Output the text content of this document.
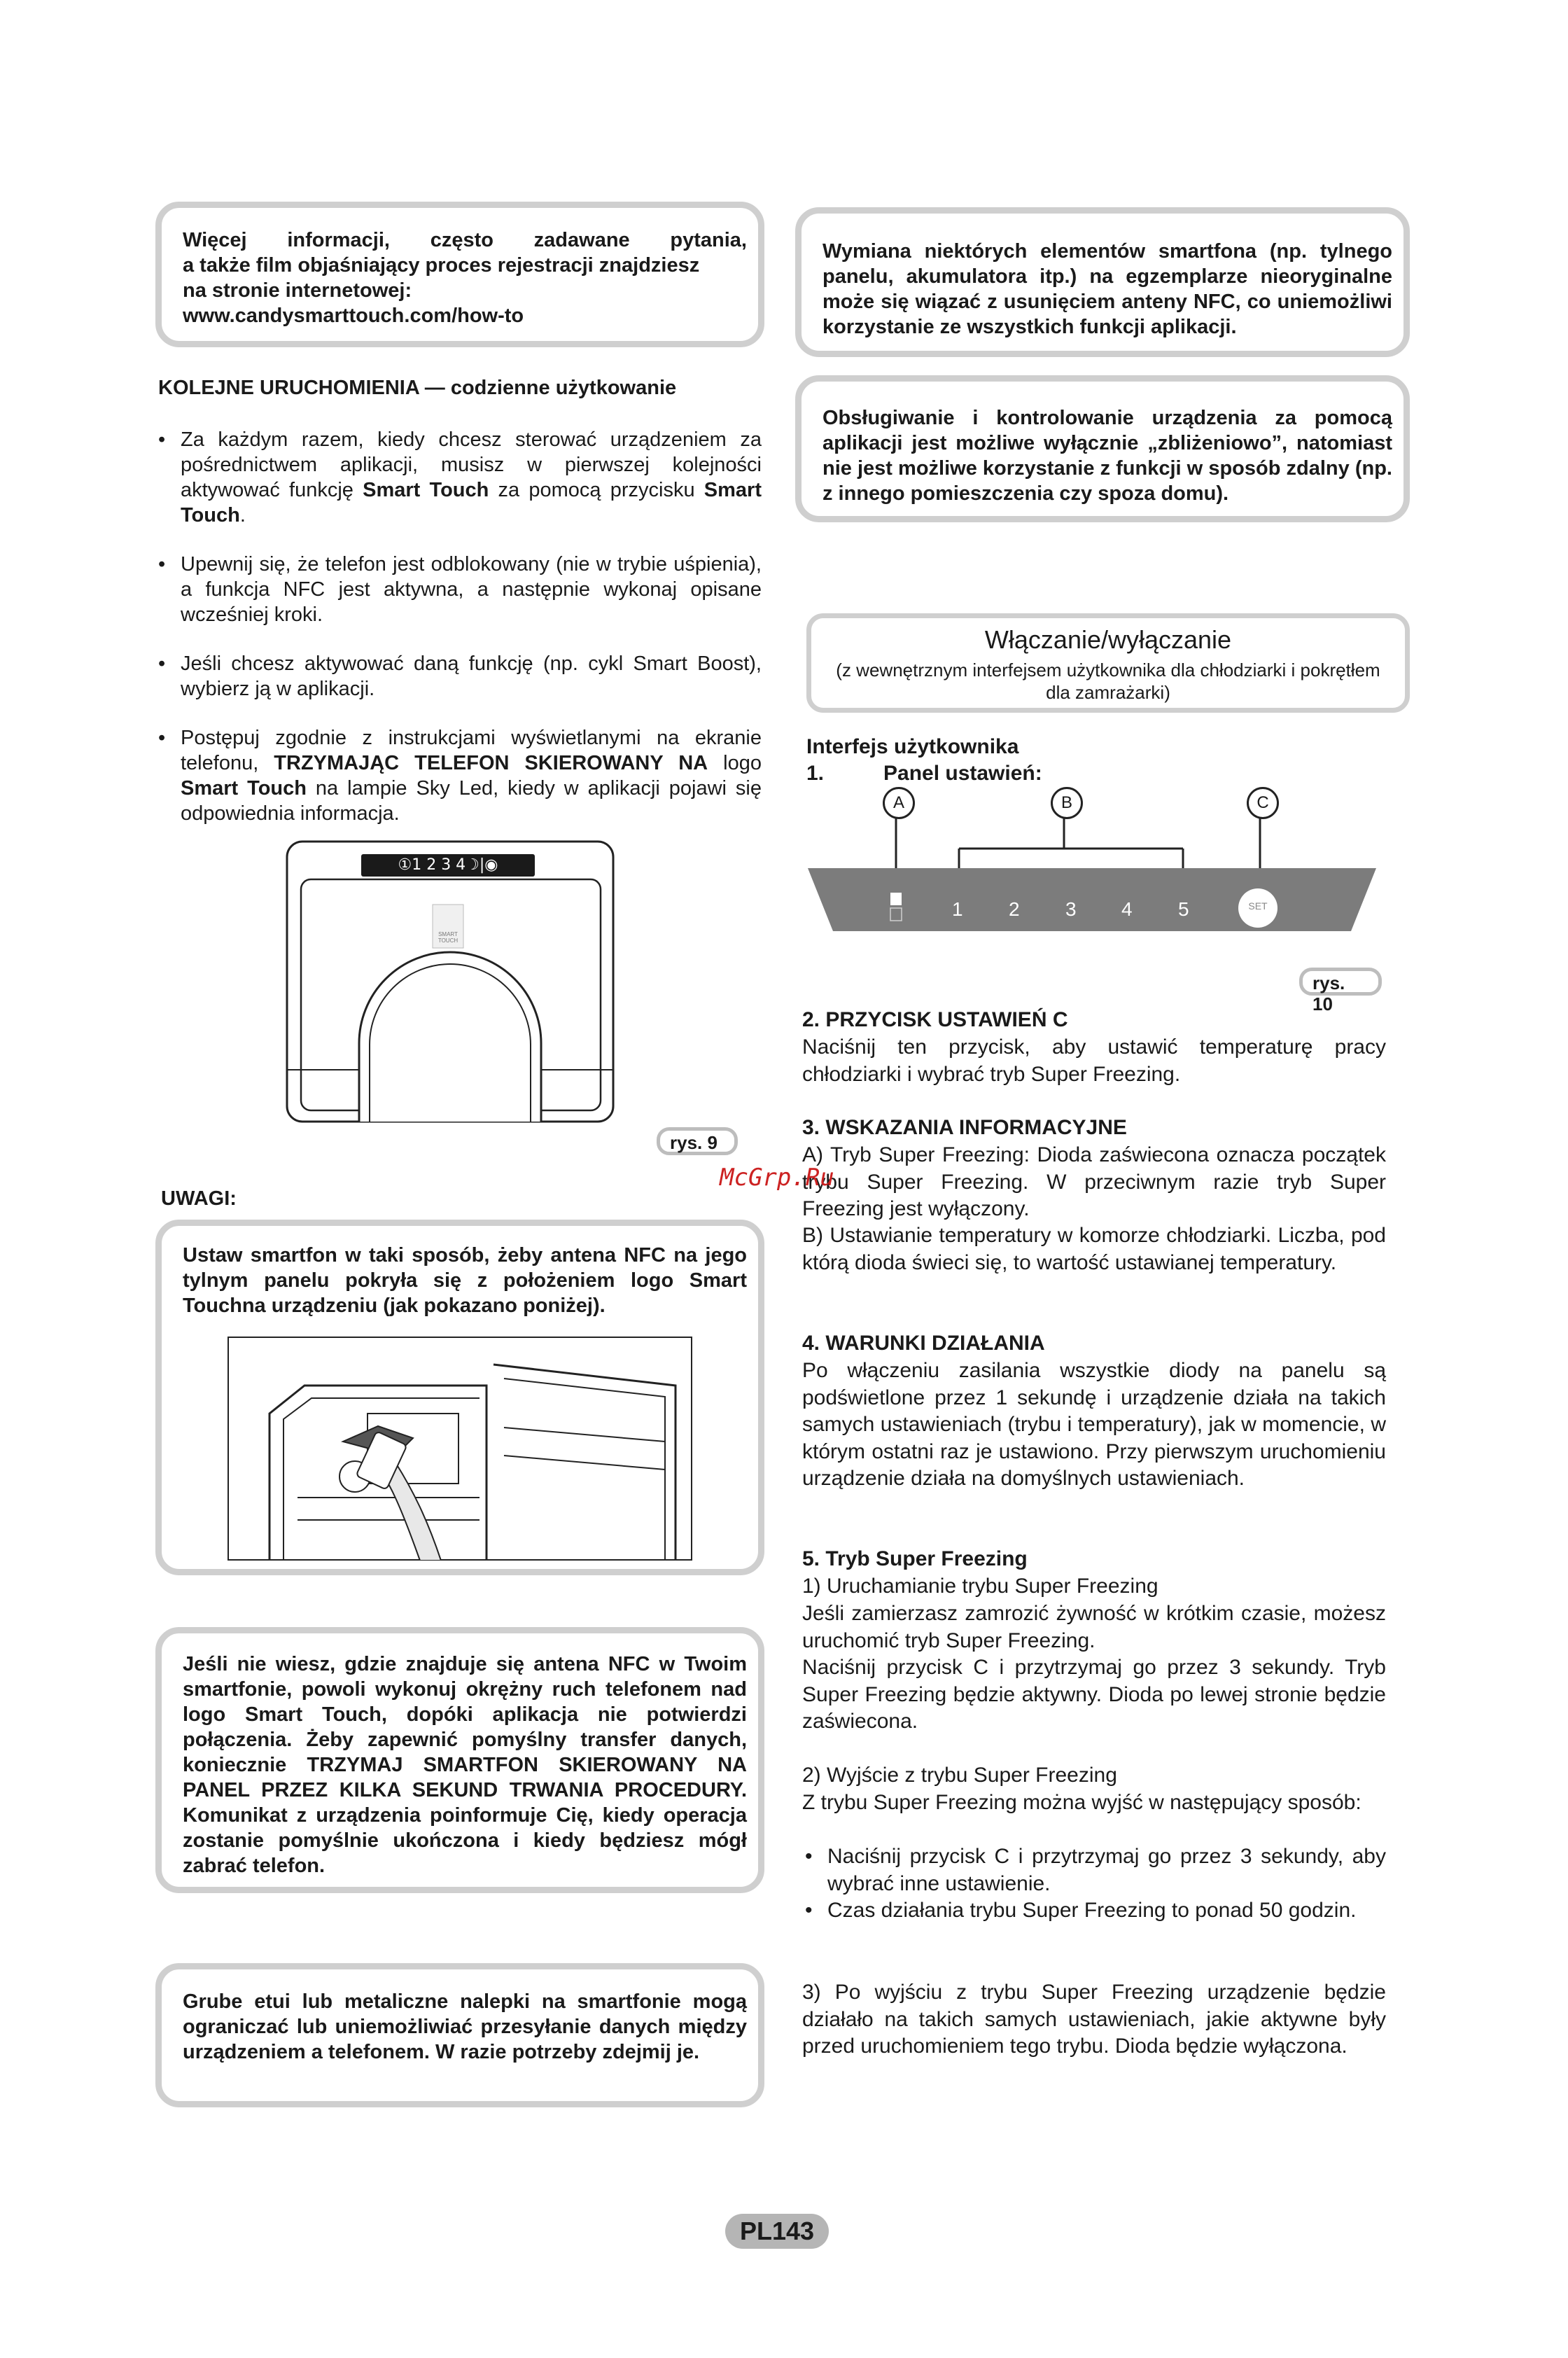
Więcej informacji, często zadawane pytania,
a także film objaśniający proces rejestracji znajdziesz
na stronie internetowej:
www.candysmarttouch.com/how-to
KOLEJNE URUCHOMIENIA — codzienne użytkowanie
• Za każdym razem, kiedy chcesz sterować urządzeniem za pośrednictwem aplikacji, musisz w pierwszej kolejności aktywować funkcję Smart Touch za pomocą przycisku Smart Touch.
• Upewnij się, że telefon jest odblokowany (nie w trybie uśpienia), a funkcja NFC jest aktywna, a następnie wykonaj opisane wcześniej kroki.
• Jeśli chcesz aktywować daną funkcję (np. cykl Smart Boost), wybierz ją w aplikacji.
• Postępuj zgodnie z instrukcjami wyświetlanymi na ekranie telefonu, TRZYMAJĄC TELEFON SKIEROWANY NA logo Smart Touch na lampie Sky Led, kiedy w aplikacji pojawi się odpowiednia informacja.
①1 2 3 4☽|◉
SMART
TOUCH
rys. 9
UWAGI:
Ustaw smartfon w taki sposób, żeby antena NFC na jego tylnym panelu pokryła się z położeniem logo Smart Touchna urządzeniu (jak pokazano poniżej).
Jeśli nie wiesz, gdzie znajduje się antena NFC w Twoim smartfonie, powoli wykonuj okrężny ruch telefonem nad logo Smart Touch, dopóki aplikacja nie potwierdzi połączenia. Żeby zapewnić pomyślny transfer danych, koniecznie TRZYMAJ SMARTFON SKIEROWANY NA PANEL PRZEZ KILKA SEKUND TRWANIA PROCEDURY. Komunikat z urządzenia poinformuje Cię, kiedy operacja zostanie pomyślnie ukończona i kiedy będziesz mógł zabrać telefon.
Grube etui lub metaliczne nalepki na smartfonie mogą ograniczać lub uniemożliwiać przesyłanie danych między urządzeniem a telefonem. W razie potrzeby zdejmij je.
Wymiana niektórych elementów smartfona (np. tylnego panelu, akumulatora itp.) na egzemplarze nieoryginalne może się wiązać z usunięciem anteny NFC, co uniemożliwi korzystanie ze wszystkich funkcji aplikacji.
Obsługiwanie i kontrolowanie urządzenia za pomocą aplikacji jest możliwe wyłącznie „zbliżeniowo”, natomiast nie jest możliwe korzystanie z funkcji w sposób zdalny (np. z innego pomieszczenia czy spoza domu).
Włączanie/wyłączanie
(z wewnętrznym interfejsem użytkownika dla chłodziarki i pokrętłem
dla zamrażarki)
Interfejs użytkownika
1.	Panel ustawień:
A	B	C
1 2 3 4 5	SET
rys. 10
2. PRZYCISK USTAWIEŃ C
Naciśnij ten przycisk, aby ustawić temperaturę pracy chłodziarki i wybrać tryb Super Freezing.
3. WSKAZANIA INFORMACYJNE
A) Tryb Super Freezing: Dioda zaświecona oznacza początek trybu Super Freezing. W przeciwnym razie tryb Super Freezing jest wyłączony.
B) Ustawianie temperatury w komorze chłodziarki. Liczba, pod którą dioda świeci się, to wartość ustawianej temperatury.
McGrp.Ru
4. WARUNKI DZIAŁANIA
Po włączeniu zasilania wszystkie diody na panelu są podświetlone przez 1 sekundę i urządzenie działa na takich samych ustawieniach (trybu i temperatury), jak w momencie, w którym ostatni raz je ustawiono. Przy pierwszym uruchomieniu urządzenie działa na domyślnych ustawieniach.
5. Tryb Super Freezing
1) Uruchamianie trybu Super Freezing
Jeśli zamierzasz zamrozić żywność w krótkim czasie, możesz uruchomić tryb Super Freezing.
Naciśnij przycisk C i przytrzymaj go przez 3 sekundy. Tryb Super Freezing będzie aktywny. Dioda po lewej stronie będzie zaświecona.
2) Wyjście z trybu Super Freezing
Z trybu Super Freezing można wyjść w następujący sposób:
• Naciśnij przycisk C i przytrzymaj go przez 3 sekundy, aby wybrać inne ustawienie.
• Czas działania trybu Super Freezing to ponad 50 godzin.
3) Po wyjściu z trybu Super Freezing urządzenie będzie działało na takich samych ustawieniach, jakie aktywne były przed uruchomieniem tego trybu. Dioda będzie wyłączona.
PL143
